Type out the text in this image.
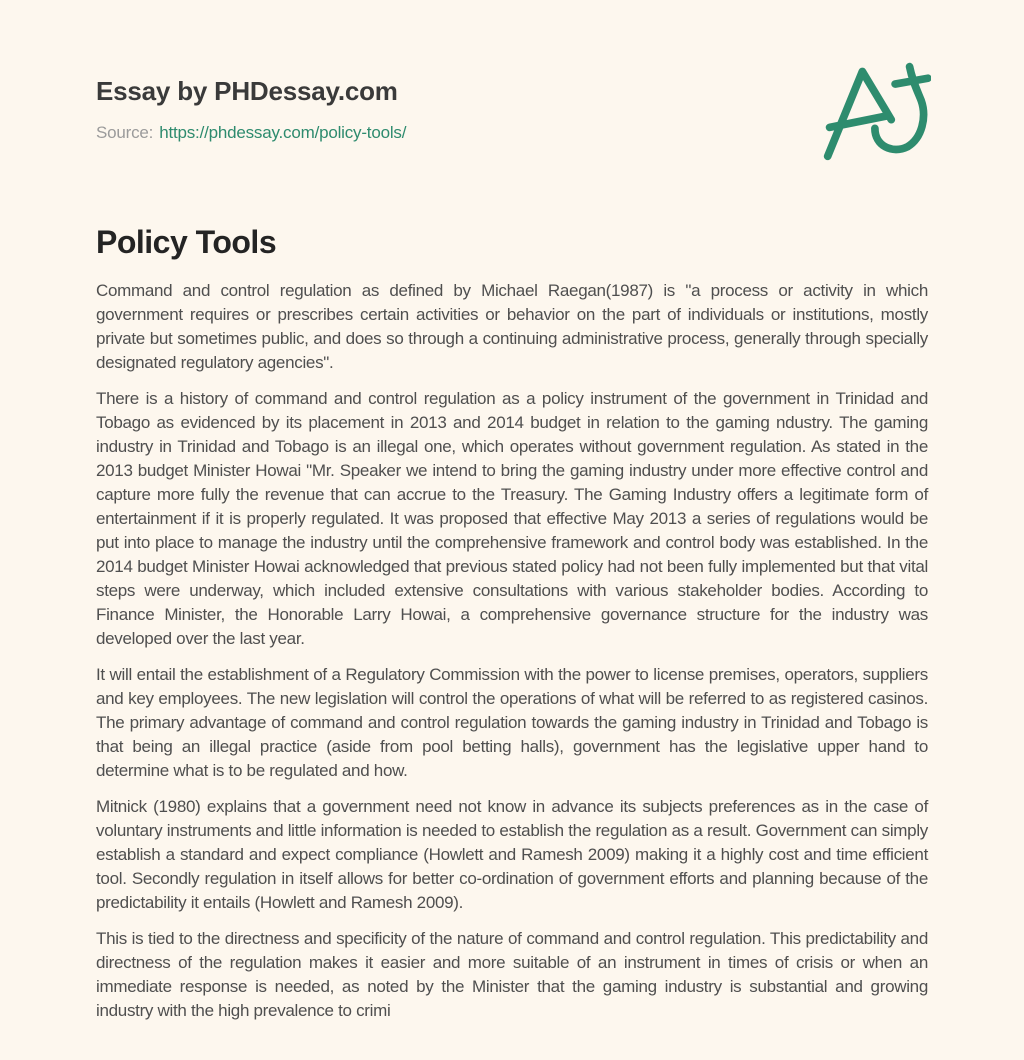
Essay by PHDessay.com
Source: https://phdessay.com/policy-tools/
Policy Tools

Command and control regulation as defined by Michael Raegan(1987) is "a process or activity in which government requires or prescribes certain activities or behavior on the part of individuals or institutions, mostly private but sometimes public, and does so through a continuing administrative process, generally through specially designated regulatory agencies".

There is a history of command and control regulation as a policy instrument of the government in Trinidad and Tobago as evidenced by its placement in 2013 and 2014 budget in relation to the gaming ndustry. The gaming industry in Trinidad and Tobago is an illegal one, which operates without government regulation. As stated in the 2013 budget Minister Howai "Mr. Speaker we intend to bring the gaming industry under more effective control and capture more fully the revenue that can accrue to the Treasury. The Gaming Industry offers a legitimate form of entertainment if it is properly regulated. It was proposed that effective May 2013 a series of regulations would be put into place to manage the industry until the comprehensive framework and control body was established. In the 2014 budget Minister Howai acknowledged that previous stated policy had not been fully implemented but that vital steps were underway, which included extensive consultations with various stakeholder bodies. According to Finance Minister, the Honorable Larry Howai, a comprehensive governance structure for the industry was developed over the last year.

It will entail the establishment of a Regulatory Commission with the power to license premises, operators, suppliers and key employees. The new legislation will control the operations of what will be referred to as registered casinos. The primary advantage of command and control regulation towards the gaming industry in Trinidad and Tobago is that being an illegal practice (aside from pool betting halls), government has the legislative upper hand to determine what is to be regulated and how.

Mitnick (1980) explains that a government need not know in advance its subjects preferences as in the case of voluntary instruments and little information is needed to establish the regulation as a result. Government can simply establish a standard and expect compliance (Howlett and Ramesh 2009) making it a highly cost and time efficient tool. Secondly regulation in itself allows for better co-ordination of government efforts and planning because of the predictability it entails (Howlett and Ramesh 2009).

This is tied to the directness and specificity of the nature of command and control regulation. This predictability and directness of the regulation makes it easier and more suitable of an instrument in times of crisis or when an immediate response is needed, as noted by the Minister that the gaming industry is substantial and growing industry with the high prevalence to crimi
